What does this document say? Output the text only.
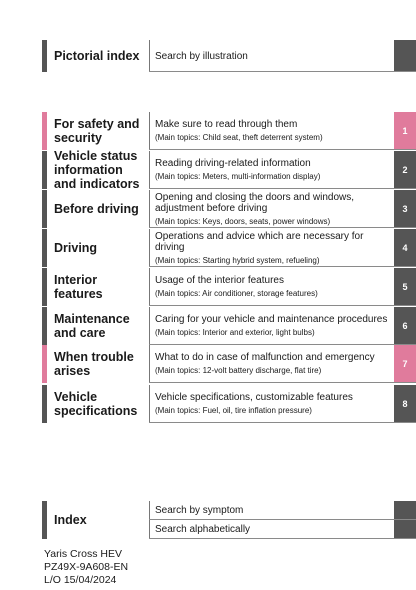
Pictorial index	Search by illustration
For safety and security
Make sure to read through them
(Main topics: Child seat, theft deterrent system)
1
Vehicle status information and indicators
Reading driving-related information
(Main topics: Meters, multi-information display)
2
Before driving
Opening and closing the doors and windows, adjustment before driving
(Main topics: Keys, doors, seats, power windows)
3
Driving
Operations and advice which are necessary for driving
(Main topics: Starting hybrid system, refueling)
4
Interior features
Usage of the interior features
(Main topics: Air conditioner, storage features)
5
Maintenance and care
Caring for your vehicle and maintenance procedures
(Main topics: Interior and exterior, light bulbs)
6
When trouble arises
What to do in case of malfunction and emergency
(Main topics: 12-volt battery discharge, flat tire)
7
Vehicle specifications
Vehicle specifications, customizable features
(Main topics: Fuel, oil, tire inflation pressure)
8
Index
Search by symptom
Search alphabetically
Yaris Cross HEV
PZ49X-9A608-EN
L/O 15/04/2024
